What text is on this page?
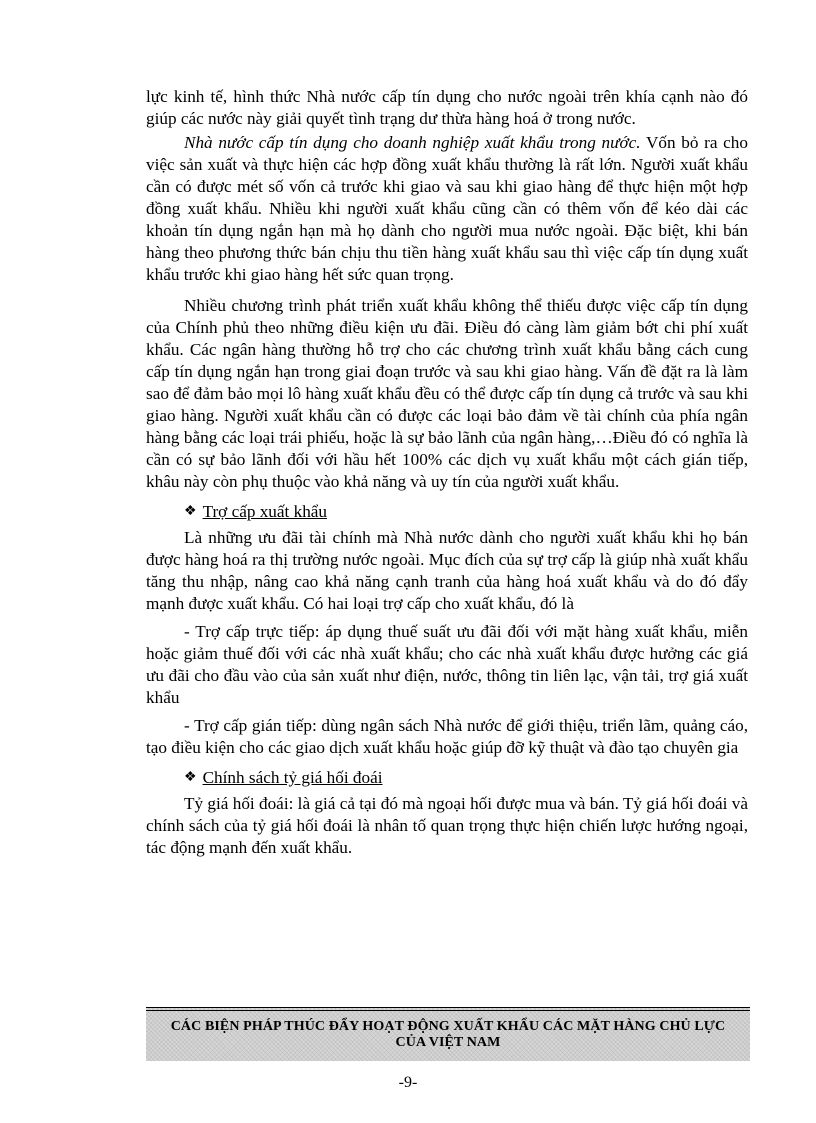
lực kinh tế, hình thức Nhà nước cấp tín dụng cho nước ngoài trên khía cạnh nào đó giúp các nước này giải quyết tình trạng dư thừa hàng hoá ở trong nước.

Nhà nước cấp tín dụng cho doanh nghiệp xuất khẩu trong nước. Vốn bỏ ra cho việc sản xuất và thực hiện các hợp đồng xuất khẩu thường là rất lớn. Người xuất khẩu cần có được mét số vốn cả trước khi giao và sau khi giao hàng để thực hiện một hợp đồng xuất khẩu. Nhiều khi người xuất khẩu cũng cần có thêm vốn để kéo dài các khoản tín dụng ngắn hạn mà họ dành cho người mua nước ngoài. Đặc biệt, khi bán hàng theo phương thức bán chịu thu tiền hàng xuất khẩu sau thì việc cấp tín dụng xuất khẩu trước khi giao hàng hết sức quan trọng.

Nhiều chương trình phát triển xuất khẩu không thể thiếu được việc cấp tín dụng của Chính phủ theo những điều kiện ưu đãi. Điều đó càng làm giảm bớt chi phí xuất khẩu. Các ngân hàng thường hỗ trợ cho các chương trình xuất khẩu bằng cách cung cấp tín dụng ngắn hạn trong giai đoạn trước và sau khi giao hàng. Vấn đề đặt ra là làm sao để đảm bảo mọi lô hàng xuất khẩu đều có thể được cấp tín dụng cả trước và sau khi giao hàng. Người xuất khẩu cần có được các loại bảo đảm về tài chính của phía ngân hàng bằng các loại trái phiếu, hoặc là sự bảo lãnh của ngân hàng,…Điều đó có nghĩa là cần có sự bảo lãnh đối với hầu hết 100% các dịch vụ xuất khẩu một cách gián tiếp, khâu này còn phụ thuộc vào khả năng và uy tín của người xuất khẩu.

❖ Trợ cấp xuất khẩu

Là những ưu đãi tài chính mà Nhà nước dành cho người xuất khẩu khi họ bán được hàng hoá ra thị trường nước ngoài. Mục đích của sự trợ cấp là giúp nhà xuất khẩu tăng thu nhập, nâng cao khả năng cạnh tranh của hàng hoá xuất khẩu và do đó đẩy mạnh được xuất khẩu. Có hai loại trợ cấp cho xuất khẩu, đó là

- Trợ cấp trực tiếp: áp dụng thuế suất ưu đãi đối với mặt hàng xuất khẩu, miễn hoặc giảm thuế đối với các nhà xuất khẩu; cho các nhà xuất khẩu được hưởng các giá ưu đãi cho đầu vào của sản xuất như điện, nước, thông tin liên lạc, vận tải, trợ giá xuất khẩu

- Trợ cấp gián tiếp: dùng ngân sách Nhà nước để giới thiệu, triển lãm, quảng cáo, tạo điều kiện cho các giao dịch xuất khẩu hoặc giúp đỡ kỹ thuật và đào tạo chuyên gia

❖ Chính sách tỷ giá hối đoái

Tỷ giá hối đoái: là giá cả tại đó mà ngoại hối được mua và bán. Tỷ giá hối đoái và chính sách của tỷ giá hối đoái là nhân tố quan trọng thực hiện chiến lược hướng ngoại, tác động mạnh đến xuất khẩu.

CÁC BIỆN PHÁP THÚC ĐẨY HOẠT ĐỘNG XUẤT KHẨU CÁC MẶT HÀNG CHỦ LỰC
CỦA VIỆT NAM
-9-
